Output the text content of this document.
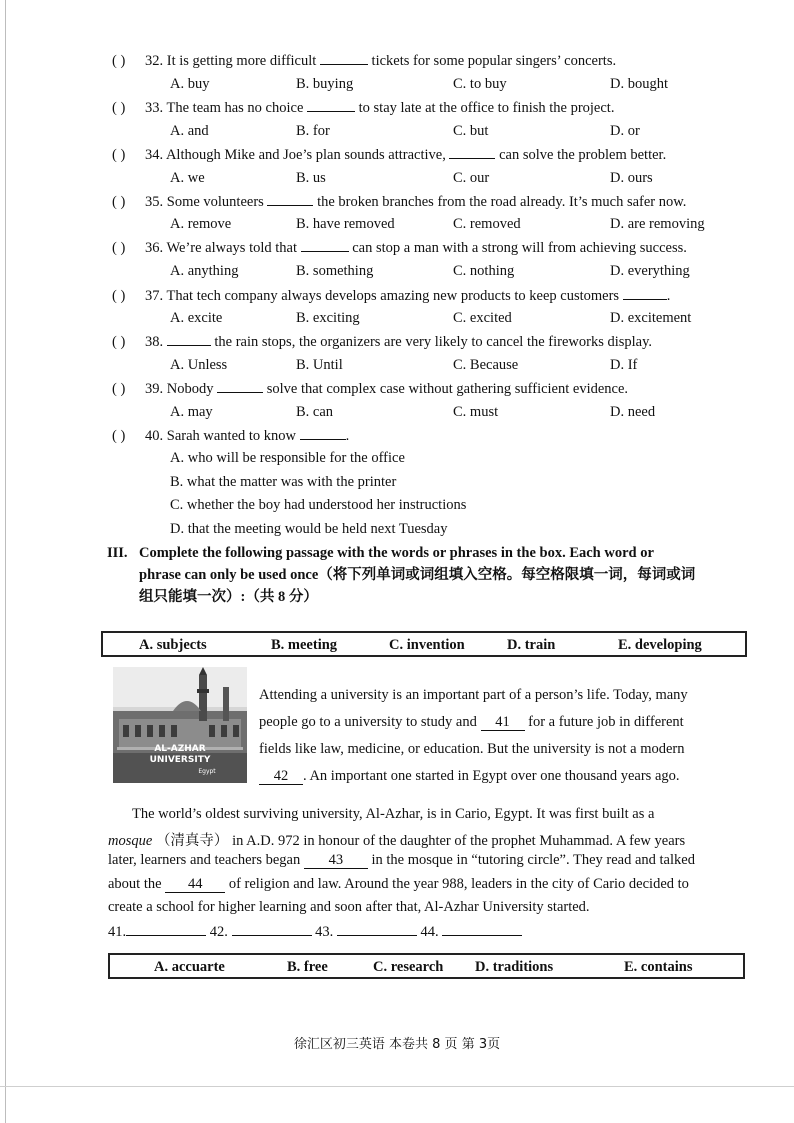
( ) 32. It is getting more difficult	tickets for some popular singers’ concerts.
A. buy	B. buying	C. to buy	D. bought
( ) 33. The team has no choice	to stay late at the office to finish the project.
A. and	B. for	C. but	D. or
( ) 34. Although Mike and Joe’s plan sounds attractive,	can solve the problem better.
A. we	B. us	C. our	D. ours
( ) 35. Some volunteers	the broken branches from the road already. It’s much safer now.
A. remove	B. have removed	C. removed	D. are removing
( ) 36. We’re always told that	can stop a man with a strong will from achieving success.
A. anything	B. something	C. nothing	D. everything
( ) 37. That tech company always develops amazing new products to keep customers	.
A. excite	B. exciting	C. excited	D. excitement
( ) 38.	the rain stops, the organizers are very likely to cancel the fireworks display.
A. Unless	B. Until	C. Because	D. If
( ) 39. Nobody	solve that complex case without gathering sufficient evidence.
A. may	B. can	C. must	D. need
( ) 40. Sarah wanted to know	.
A. who will be responsible for the office
B. what the matter was with the printer
C. whether the boy had understood her instructions
D. that the meeting would be held next Tuesday
III. Complete the following passage with the words or phrases in the box. Each word or
phrase can only be used once（将下列单词或词组填入空格。每空格限填一词，每词或词
组只能填一次）:（共 8 分）
A. subjects	B. meeting	C. invention	D. train	E. developing
AL-AZHAR
UNIVERSITY
Egypt
Attending a university is an important part of a person’s life. Today, many
people go to a university to study and 41 for a future job in different
fields like law, medicine, or education. But the university is not a modern
42 . An important one started in Egypt over one thousand years ago.
The world’s oldest surviving university, Al-Azhar, is in Cario, Egypt. It was first built as a
mosque （清真寺） in A.D. 972 in honour of the daughter of the prophet Muhammad. A few years
later, learners and teachers began 43 in the mosque in “tutoring circle”. They read and talked
about the 44 of religion and law. Around the year 988, leaders in the city of Cario decided to
create a school for higher learning and soon after that, Al-Azhar University started.
41.	42.	43.	44.
A. accuarte	B. free	C. research D. traditions	E. contains
徐汇区初三英语 本卷共 8 页 第 3页
